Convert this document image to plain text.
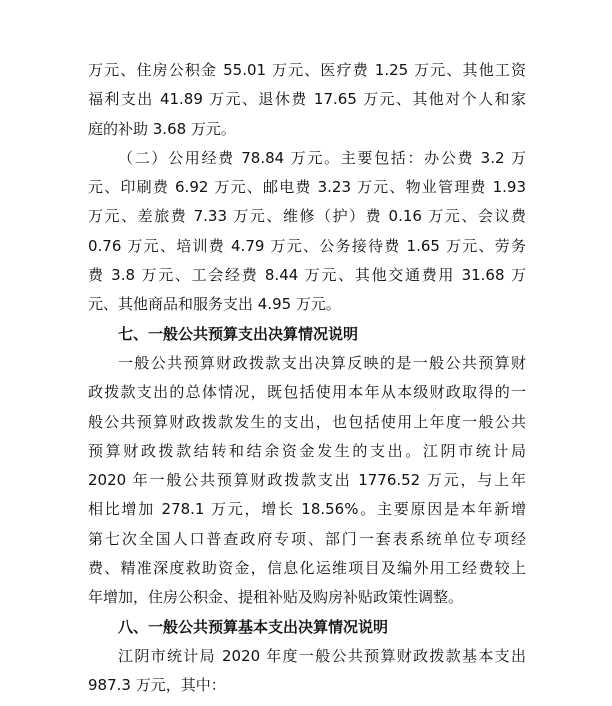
万元、住房公积金 55.01 万元、医疗费 1.25 万元、其他工资
福利支出 41.89 万元、退休费 17.65 万元、其他对个人和家
庭的补助 3.68 万元。
（二）公用经费 78.84 万元。主要包括：办公费 3.2 万
元、印刷费 6.92 万元、邮电费 3.23 万元、物业管理费 1.93
万元、差旅费 7.33 万元、维修（护）费 0.16 万元、会议费
0.76 万元、培训费 4.79 万元、公务接待费 1.65 万元、劳务
费 3.8 万元、工会经费 8.44 万元、其他交通费用 31.68 万
元、其他商品和服务支出 4.95 万元。
七、一般公共预算支出决算情况说明
一般公共预算财政拨款支出决算反映的是一般公共预算财
政拨款支出的总体情况，既包括使用本年从本级财政取得的一
般公共预算财政拨款发生的支出，也包括使用上年度一般公共
预算财政拨款结转和结余资金发生的支出。江阴市统计局
2020 年一般公共预算财政拨款支出 1776.52 万元，与上年
相比增加 278.1 万元，增长 18.56%。主要原因是本年新增
第七次全国人口普查政府专项、部门一套表系统单位专项经
费、精准深度救助资金，信息化运维项目及编外用工经费较上
年增加，住房公积金、提租补贴及购房补贴政策性调整。
八、一般公共预算基本支出决算情况说明
江阴市统计局 2020 年度一般公共预算财政拨款基本支出
987.3 万元，其中：
